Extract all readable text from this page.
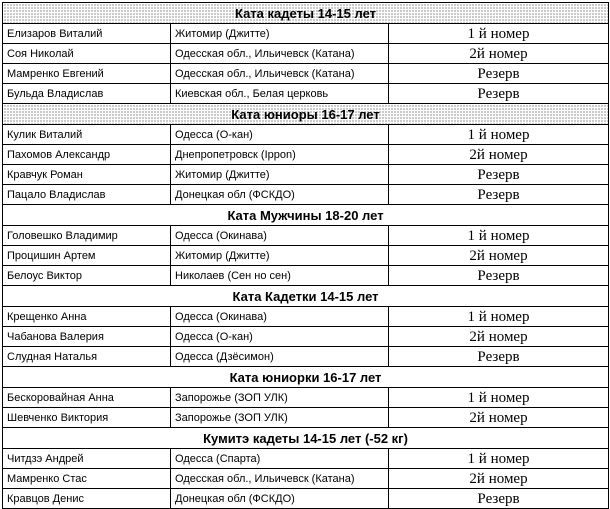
Ката кадеты 14-15 лет		
Елизаров Виталий	Житомир (Джитте)	1 й номер
Соя Николай	Одесская обл., Ильичевск (Катана)	2й номер
Мамренко Евгений	Одесская обл., Ильичевск (Катана)	Резерв
Бульда Владислав	Киевская обл., Белая церковь	Резерв
Ката юниоры 16-17 лет		
Кулик Виталий	Одесса (О-кан)	1 й номер
Пахомов Александр	Днепропетровск (Ippon)	2й номер
Кравчук Роман	Житомир (Джитте)	Резерв
Пацало Владислав	Донецкая обл (ФСКДО)	Резерв
Ката Мужчины 18-20 лет		
Головешко Владимир	Одесса (Окинава)	1 й номер
Процишин Артем	Житомир (Джитте)	2й номер
Белоус Виктор	Николаев (Сен но сен)	Резерв
Ката Кадетки 14-15 лет		
Крещенко Анна	Одесса (Окинава)	1 й номер
Чабанова Валерия	Одесса (О-кан)	2й номер
Слудная Наталья	Одесса (Дзёсимон)	Резерв
Ката юниорки 16-17 лет		
Бескоровайная Анна	Запорожье (ЗОП УЛК)	1 й номер
Шевченко Виктория	Запорожье (ЗОП УЛК)	2й номер
Кумитэ кадеты 14-15 лет (-52 кг)		
Читдзэ Андрей	Одесса (Спарта)	1 й номер
Мамренко Стас	Одесская обл., Ильичевск (Катана)	2й номер
Кравцов Денис	Донецкая обл (ФСКДО)	Резерв
